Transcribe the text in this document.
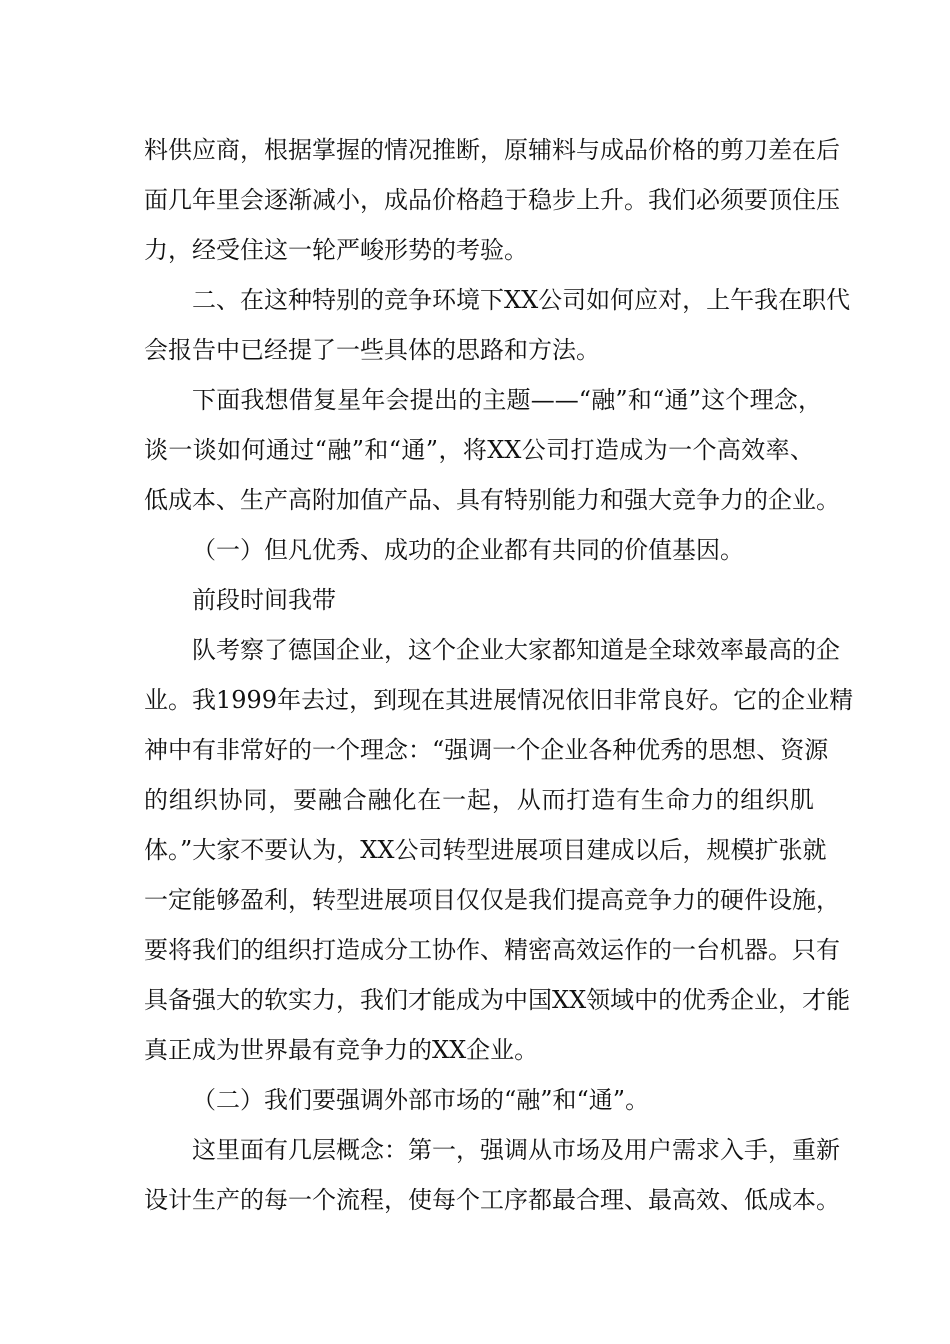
料供应商，根据掌握的情况推断，原辅料与成品价格的剪刀差在后
面几年里会逐渐减小，成品价格趋于稳步上升。我们必须要顶住压
力，经受住这一轮严峻形势的考验。
二、在这种特别的竞争环境下XX公司如何应对，上午我在职代
会报告中已经提了一些具体的思路和方法。
下面我想借复星年会提出的主题——“融”和“通”这个理念，
谈一谈如何通过“融”和“通”，将XX公司打造成为一个高效率、
低成本、生产高附加值产品、具有特别能力和强大竞争力的企业。
（一）但凡优秀、成功的企业都有共同的价值基因。
前段时间我带
队考察了德国企业，这个企业大家都知道是全球效率最高的企
业。我1999年去过，到现在其进展情况依旧非常良好。它的企业精
神中有非常好的一个理念：“强调一个企业各种优秀的思想、资源
的组织协同，要融合融化在一起，从而打造有生命力的组织肌
体。”大家不要认为，XX公司转型进展项目建成以后，规模扩张就
一定能够盈利，转型进展项目仅仅是我们提高竞争力的硬件设施，
要将我们的组织打造成分工协作、精密高效运作的一台机器。只有
具备强大的软实力，我们才能成为中国XX领域中的优秀企业，才能
真正成为世界最有竞争力的XX企业。
（二）我们要强调外部市场的“融”和“通”。
这里面有几层概念：第一，强调从市场及用户需求入手，重新
设计生产的每一个流程，使每个工序都最合理、最高效、低成本。
